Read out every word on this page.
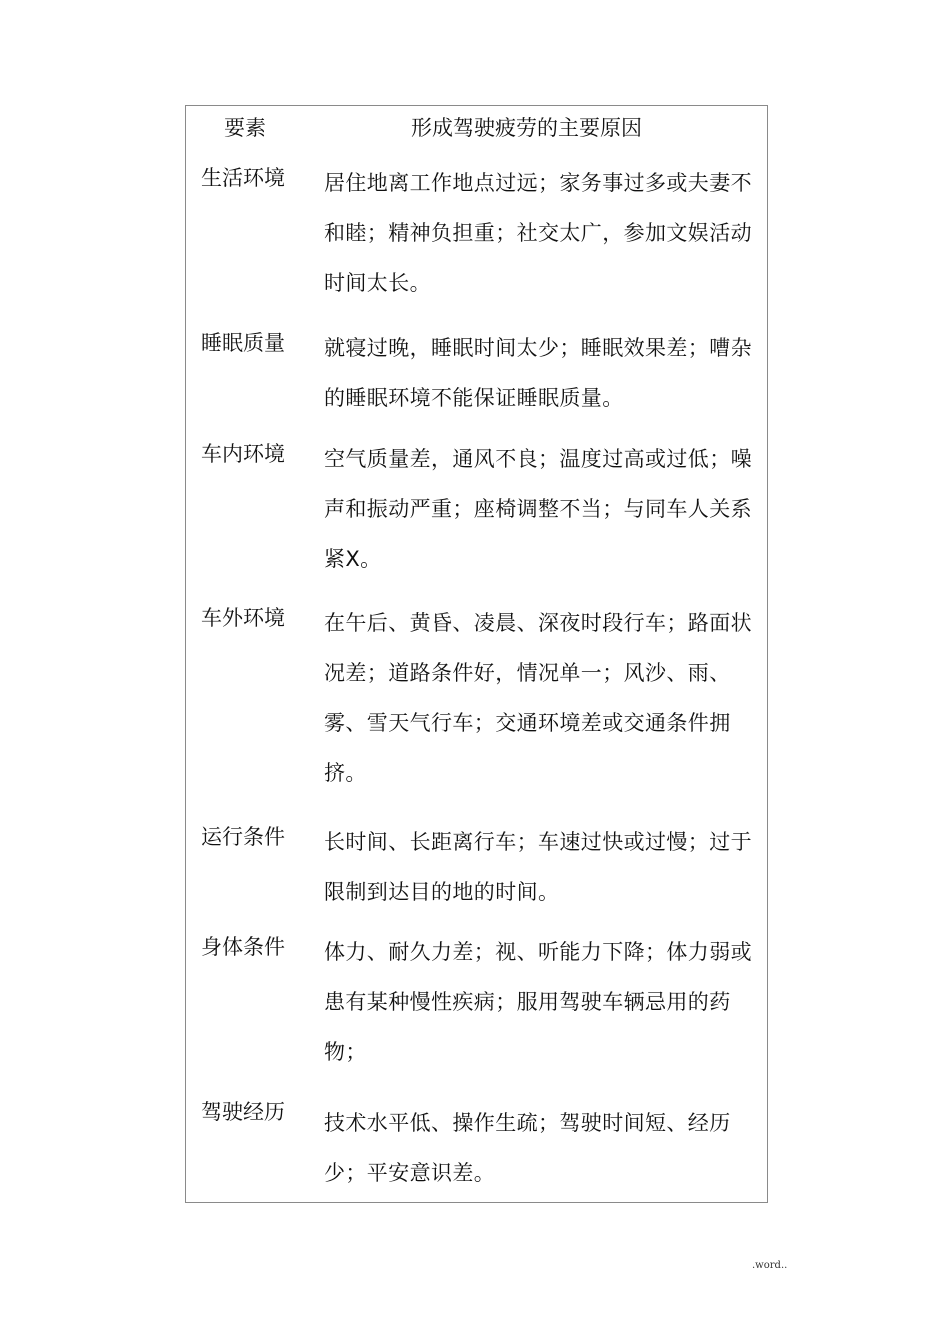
要素	形成驾驶疲劳的主要原因
生活环境 居住地离工作地点过远；家务事过多或夫妻不和睦；精神负担重；社交太广，参加文娱活动时间太长。
睡眠质量 就寝过晚，睡眠时间太少；睡眠效果差；嘈杂的睡眠环境不能保证睡眠质量。
车内环境 空气质量差，通风不良；温度过高或过低；噪声和振动严重；座椅调整不当；与同车人关系紧X。
车外环境 在午后、黄昏、凌晨、深夜时段行车；路面状况差；道路条件好，情况单一；风沙、雨、雾、雪天气行车；交通环境差或交通条件拥挤。
运行条件 长时间、长距离行车；车速过快或过慢；过于限制到达目的地的时间。
身体条件 体力、耐久力差；视、听能力下降；体力弱或患有某种慢性疾病；服用驾驶车辆忌用的药物；
驾驶经历 技术水平低、操作生疏；驾驶时间短、经历少；平安意识差。
.word..
